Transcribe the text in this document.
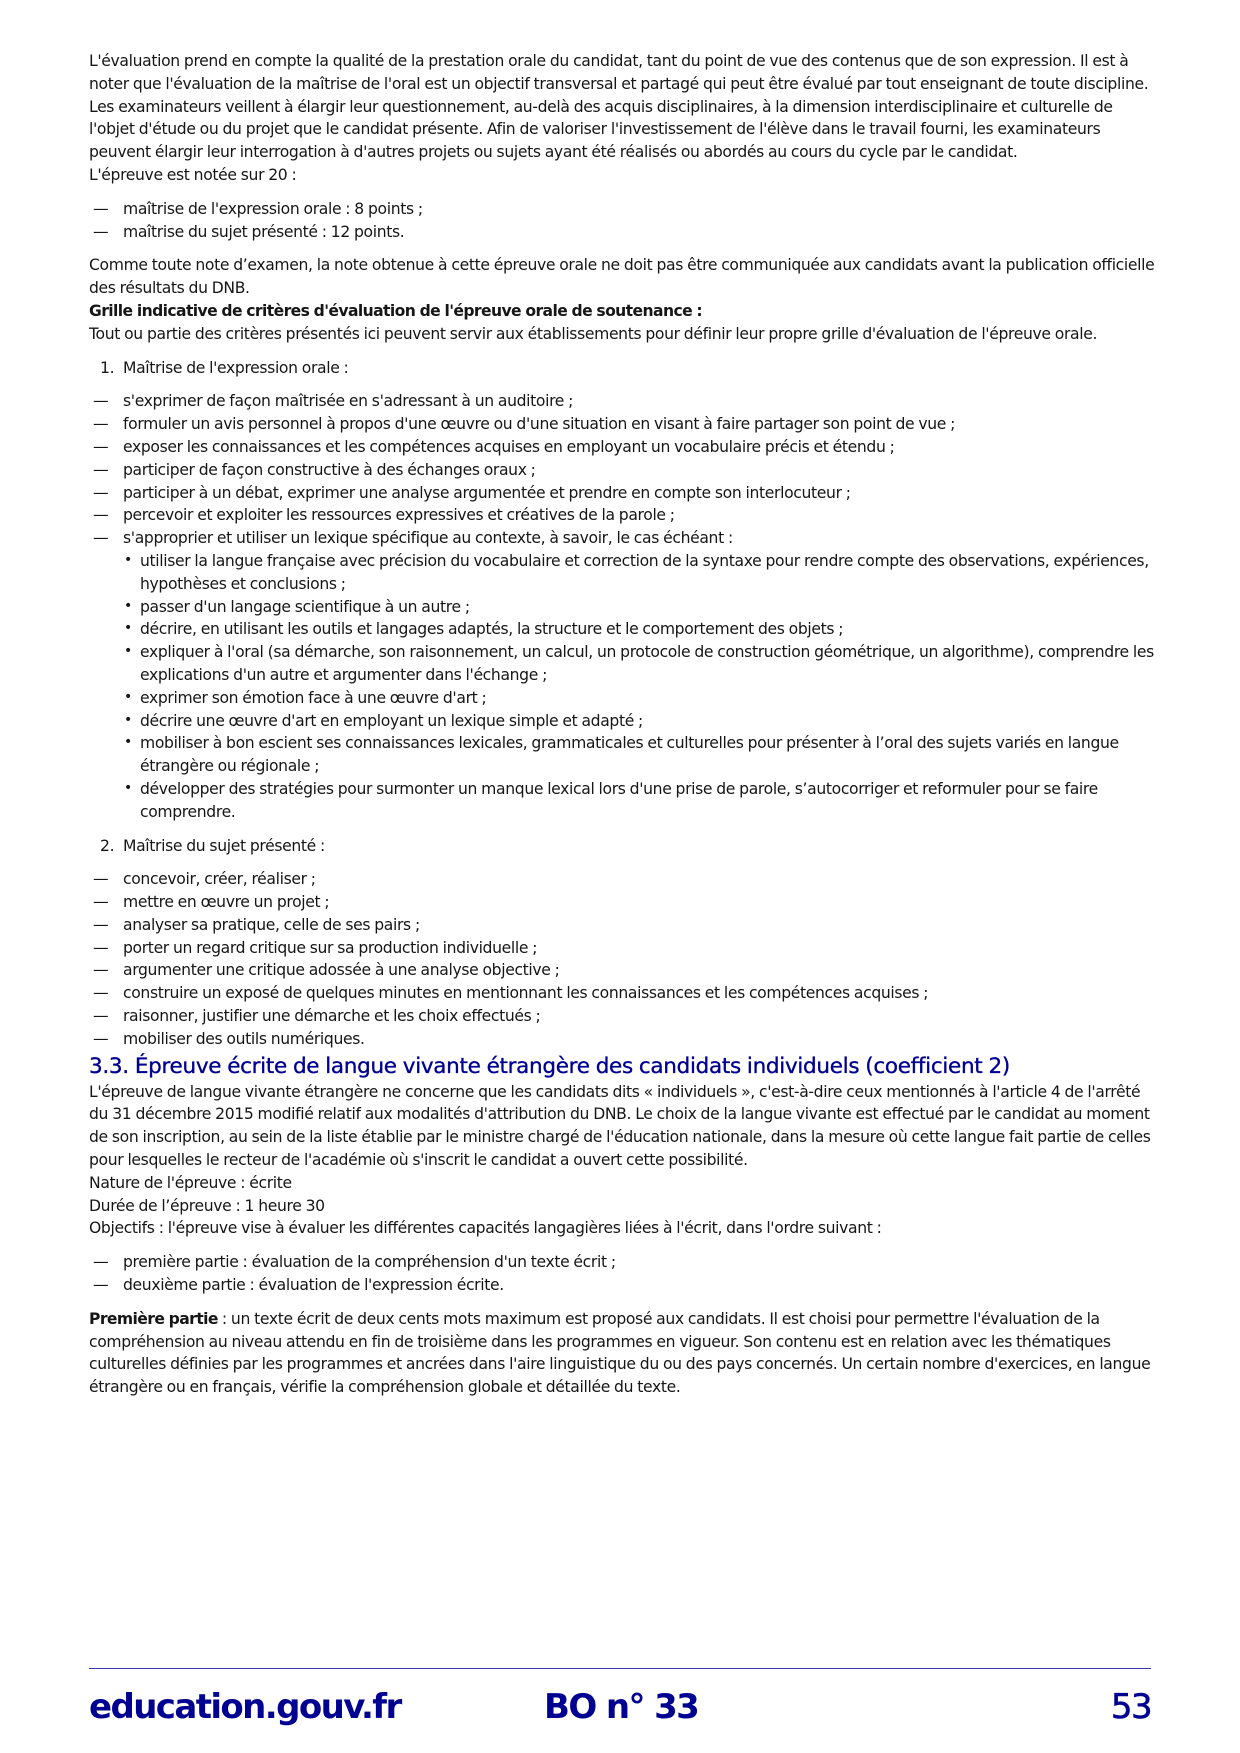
L'évaluation prend en compte la qualité de la prestation orale du candidat, tant du point de vue des contenus que de son expression. Il est à noter que l'évaluation de la maîtrise de l'oral est un objectif transversal et partagé qui peut être évalué par tout enseignant de toute discipline.

Les examinateurs veillent à élargir leur questionnement, au-delà des acquis disciplinaires, à la dimension interdisciplinaire et culturelle de l'objet d'étude ou du projet que le candidat présente. Afin de valoriser l'investissement de l'élève dans le travail fourni, les examinateurs peuvent élargir leur interrogation à d'autres projets ou sujets ayant été réalisés ou abordés au cours du cycle par le candidat.

L'épreuve est notée sur 20 :

— maîtrise de l'expression orale : 8 points ;
— maîtrise du sujet présenté : 12 points.

Comme toute note d’examen, la note obtenue à cette épreuve orale ne doit pas être communiquée aux candidats avant la publication officielle des résultats du DNB.

Grille indicative de critères d'évaluation de l'épreuve orale de soutenance :

Tout ou partie des critères présentés ici peuvent servir aux établissements pour définir leur propre grille d'évaluation de l'épreuve orale.

1. Maîtrise de l'expression orale :
— s'exprimer de façon maîtrisée en s'adressant à un auditoire ;
— formuler un avis personnel à propos d'une œuvre ou d'une situation en visant à faire partager son point de vue ;
— exposer les connaissances et les compétences acquises en employant un vocabulaire précis et étendu ;
— participer de façon constructive à des échanges oraux ;
— participer à un débat, exprimer une analyse argumentée et prendre en compte son interlocuteur ;
— percevoir et exploiter les ressources expressives et créatives de la parole ;
— s'approprier et utiliser un lexique spécifique au contexte, à savoir, le cas échéant :
• utiliser la langue française avec précision du vocabulaire et correction de la syntaxe pour rendre compte des observations, expériences, hypothèses et conclusions ;
• passer d'un langage scientifique à un autre ;
• décrire, en utilisant les outils et langages adaptés, la structure et le comportement des objets ;
• expliquer à l'oral (sa démarche, son raisonnement, un calcul, un protocole de construction géométrique, un algorithme), comprendre les explications d'un autre et argumenter dans l'échange ;
• exprimer son émotion face à une œuvre d'art ;
• décrire une œuvre d'art en employant un lexique simple et adapté ;
• mobiliser à bon escient ses connaissances lexicales, grammaticales et culturelles pour présenter à l’oral des sujets variés en langue étrangère ou régionale ;
• développer des stratégies pour surmonter un manque lexical lors d'une prise de parole, s’autocorriger et reformuler pour se faire comprendre.
2. Maîtrise du sujet présenté :
— concevoir, créer, réaliser ;
— mettre en œuvre un projet ;
— analyser sa pratique, celle de ses pairs ;
— porter un regard critique sur sa production individuelle ;
— argumenter une critique adossée à une analyse objective ;
— construire un exposé de quelques minutes en mentionnant les connaissances et les compétences acquises ;
— raisonner, justifier une démarche et les choix effectués ;
— mobiliser des outils numériques.
3.3. Épreuve écrite de langue vivante étrangère des candidats individuels (coefficient 2)

L'épreuve de langue vivante étrangère ne concerne que les candidats dits « individuels », c'est-à-dire ceux mentionnés à l'article 4 de l'arrêté du 31 décembre 2015 modifié relatif aux modalités d'attribution du DNB. Le choix de la langue vivante est effectué par le candidat au moment de son inscription, au sein de la liste établie par le ministre chargé de l'éducation nationale, dans la mesure où cette langue fait partie de celles pour lesquelles le recteur de l'académie où s'inscrit le candidat a ouvert cette possibilité.

Nature de l'épreuve : écrite

Durée de l’épreuve : 1 heure 30

Objectifs : l'épreuve vise à évaluer les différentes capacités langagières liées à l'écrit, dans l'ordre suivant :

— première partie : évaluation de la compréhension d'un texte écrit ;
— deuxième partie : évaluation de l'expression écrite.

Première partie : un texte écrit de deux cents mots maximum est proposé aux candidats. Il est choisi pour permettre l'évaluation de la compréhension au niveau attendu en fin de troisième dans les programmes en vigueur. Son contenu est en relation avec les thématiques culturelles définies par les programmes et ancrées dans l'aire linguistique du ou des pays concernés. Un certain nombre d'exercices, en langue étrangère ou en français, vérifie la compréhension globale et détaillée du texte.

education.gouv.fr	BO n° 33	53
